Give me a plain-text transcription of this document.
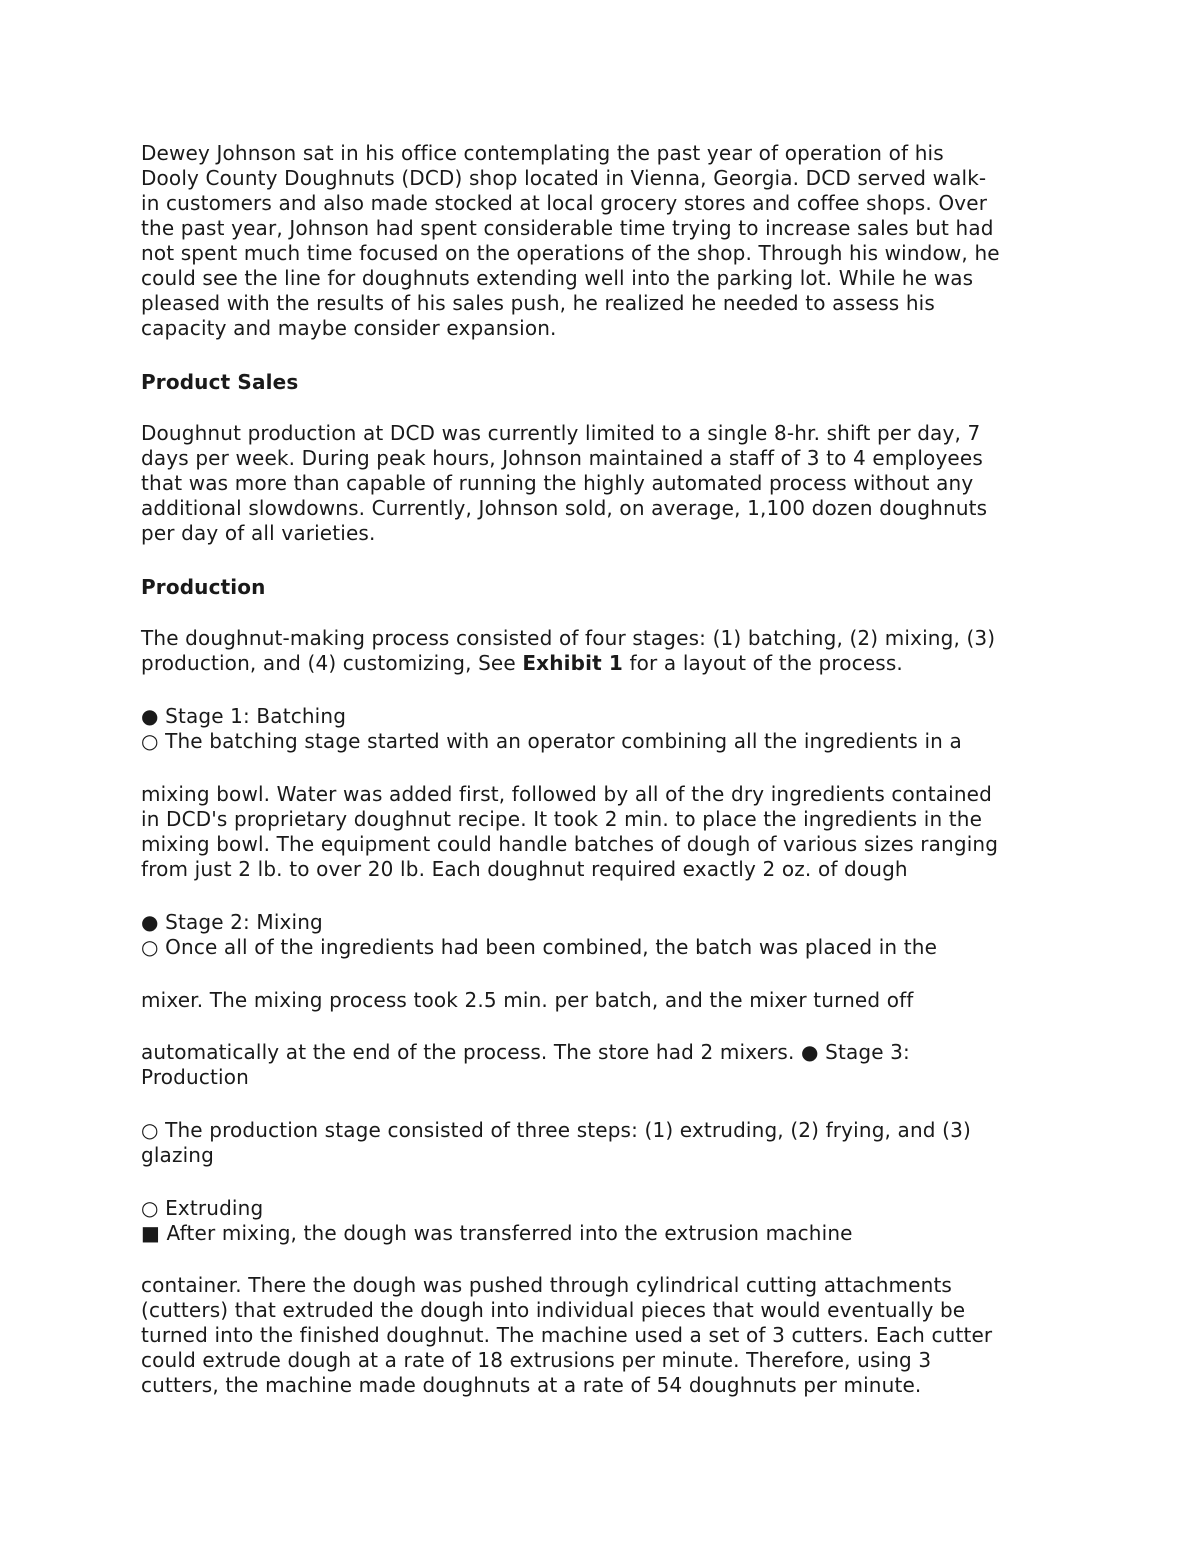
Dewey Johnson sat in his office contemplating the past year of operation of his
Dooly County Doughnuts (DCD) shop located in Vienna, Georgia. DCD served walk-
in customers and also made stocked at local grocery stores and coffee shops. Over
the past year, Johnson had spent considerable time trying to increase sales but had
not spent much time focused on the operations of the shop. Through his window, he
could see the line for doughnuts extending well into the parking lot. While he was
pleased with the results of his sales push, he realized he needed to assess his
capacity and maybe consider expansion.
Product Sales
Doughnut production at DCD was currently limited to a single 8-hr. shift per day, 7
days per week. During peak hours, Johnson maintained a staff of 3 to 4 employees
that was more than capable of running the highly automated process without any
additional slowdowns. Currently, Johnson sold, on average, 1,100 dozen doughnuts
per day of all varieties.
Production
The doughnut-making process consisted of four stages: (1) batching, (2) mixing, (3)
production, and (4) customizing, See Exhibit 1 for a layout of the process.
● Stage 1: Batching
○ The batching stage started with an operator combining all the ingredients in a
mixing bowl. Water was added first, followed by all of the dry ingredients contained
in DCD's proprietary doughnut recipe. It took 2 min. to place the ingredients in the
mixing bowl. The equipment could handle batches of dough of various sizes ranging
from just 2 lb. to over 20 lb. Each doughnut required exactly 2 oz. of dough
● Stage 2: Mixing
○ Once all of the ingredients had been combined, the batch was placed in the
mixer. The mixing process took 2.5 min. per batch, and the mixer turned off
automatically at the end of the process. The store had 2 mixers. ● Stage 3:
Production
○ The production stage consisted of three steps: (1) extruding, (2) frying, and (3)
glazing
○ Extruding
■ After mixing, the dough was transferred into the extrusion machine
container. There the dough was pushed through cylindrical cutting attachments
(cutters) that extruded the dough into individual pieces that would eventually be
turned into the finished doughnut. The machine used a set of 3 cutters. Each cutter
could extrude dough at a rate of 18 extrusions per minute. Therefore, using 3
cutters, the machine made doughnuts at a rate of 54 doughnuts per minute.
